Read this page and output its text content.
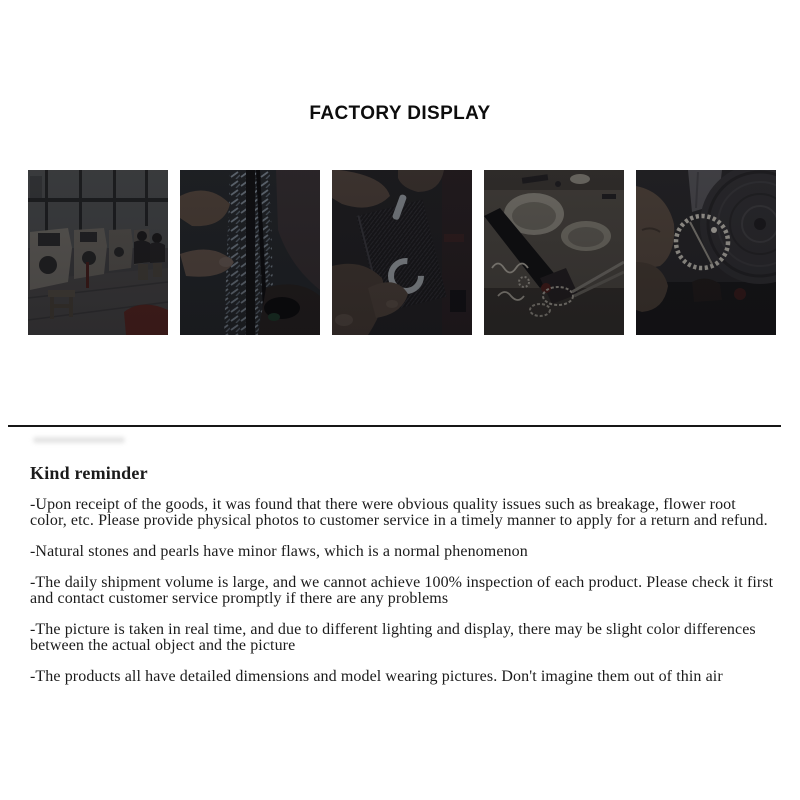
FACTORY DISPLAY
Kind reminder

-Upon receipt of the goods, it was found that there were obvious quality issues such as breakage, flower root color, etc. Please provide physical photos to customer service in a timely manner to apply for a return and refund.

-Natural stones and pearls have minor flaws, which is a normal phenomenon

-The daily shipment volume is large, and we cannot achieve 100% inspection of each product. Please check it first and contact customer service promptly if there are any problems

-The picture is taken in real time, and due to different lighting and display, there may be slight color differences between the actual object and the picture

-The products all have detailed dimensions and model wearing pictures. Don't imagine them out of thin air
